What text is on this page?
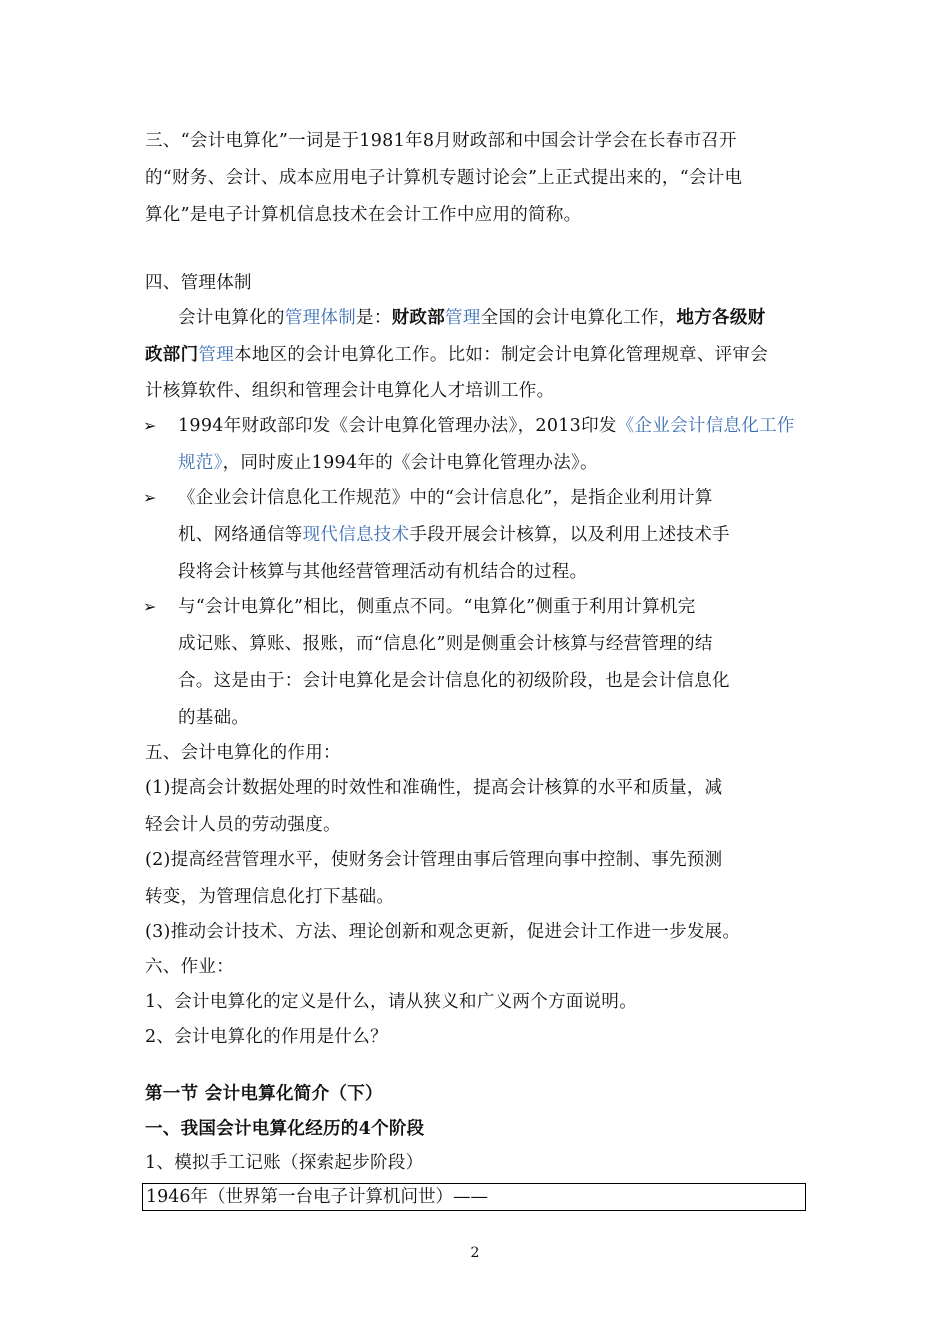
三、“会计电算化”一词是于1981年8月财政部和中国会计学会在长春市召开
的“财务、会计、成本应用电子计算机专题讨论会”上正式提出来的，“会计电
算化”是电子计算机信息技术在会计工作中应用的简称。
四、管理体制
会计电算化的管理体制是：财政部管理全国的会计电算化工作，地方各级财
政部门管理本地区的会计电算化工作。比如：制定会计电算化管理规章、评审会
计核算软件、组织和管理会计电算化人才培训工作。
➢ 1994年财政部印发《会计电算化管理办法》，2013印发《企业会计信息化工作
规范》，同时废止1994年的《会计电算化管理办法》。
➢ 《企业会计信息化工作规范》中的“会计信息化”，是指企业利用计算
机、网络通信等现代信息技术手段开展会计核算，以及利用上述技术手
段将会计核算与其他经营管理活动有机结合的过程。
➢ 与“会计电算化”相比，侧重点不同。“电算化”侧重于利用计算机完
成记账、算账、报账，而“信息化”则是侧重会计核算与经营管理的结
合。这是由于：会计电算化是会计信息化的初级阶段，也是会计信息化
的基础。
五、会计电算化的作用：
(1)提高会计数据处理的时效性和准确性，提高会计核算的水平和质量，减
轻会计人员的劳动强度。
(2)提高经营管理水平，使财务会计管理由事后管理向事中控制、事先预测
转变，为管理信息化打下基础。
(3)推动会计技术、方法、理论创新和观念更新，促进会计工作进一步发展。
六、作业：
1、会计电算化的定义是什么，请从狭义和广义两个方面说明。
2、会计电算化的作用是什么？
第一节 会计电算化简介（下）
一、我国会计电算化经历的4个阶段
1、模拟手工记账（探索起步阶段）
1946年（世界第一台电子计算机问世）——
2
